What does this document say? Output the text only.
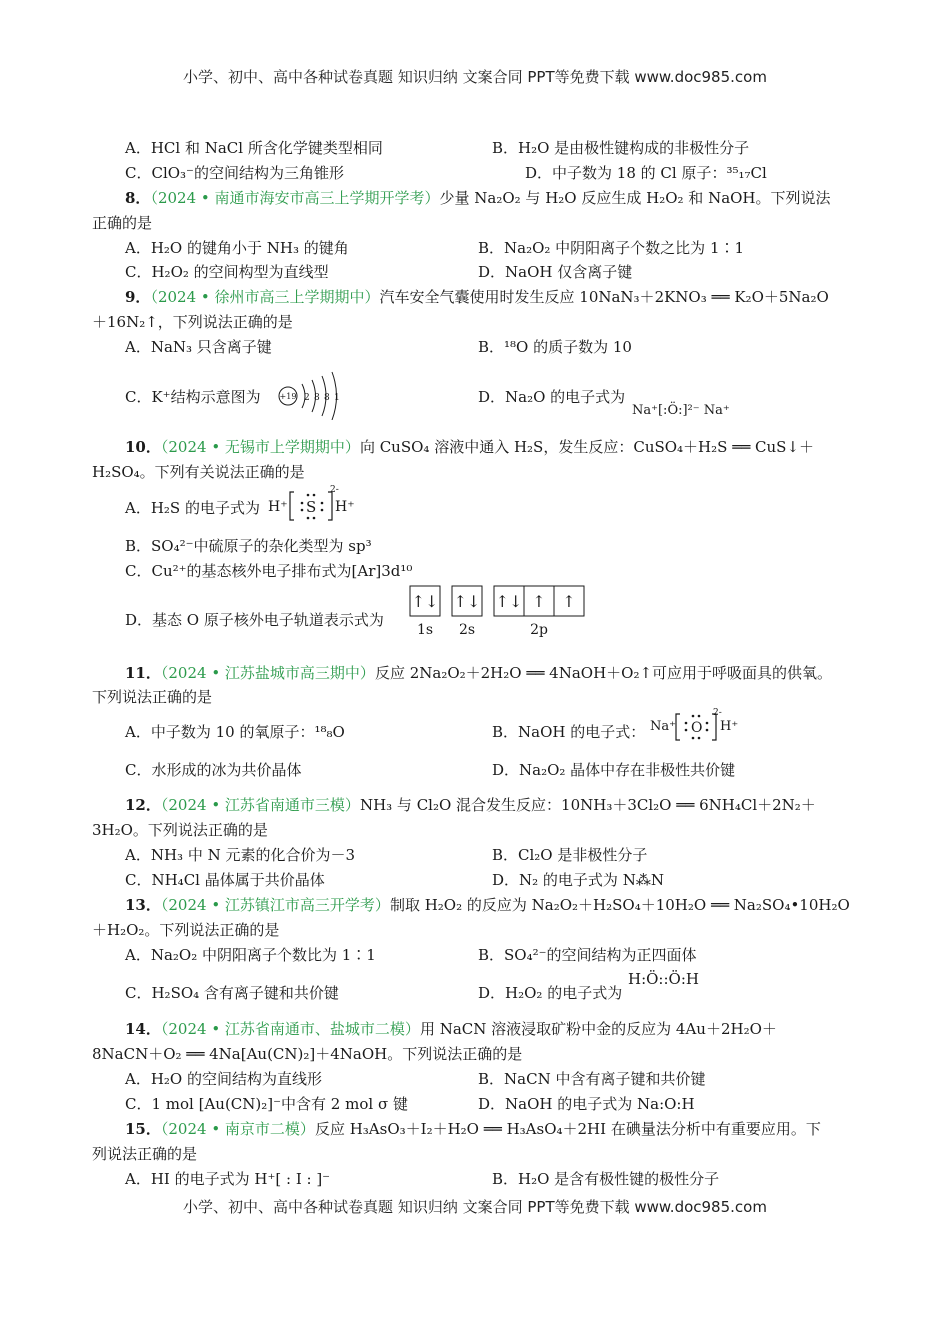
小学、初中、高中各种试卷真题 知识归纳 文案合同 PPT等免费下载 www.doc985.com
A．HCl 和 NaCl 所含化学键类型相同	B．H₂O 是由极性键构成的非极性分子
C．ClO₃⁻的空间结构为三角锥形	D．中子数为 18 的 Cl 原子：³⁵₁₇Cl
8．（2024 • 南通市海安市高三上学期开学考）少量 Na₂O₂ 与 H₂O 反应生成 H₂O₂ 和 NaOH。下列说法
正确的是
A．H₂O 的键角小于 NH₃ 的键角	B．Na₂O₂ 中阴阳离子个数之比为 1∶1
C．H₂O₂ 的空间构型为直线型	D．NaOH 仅含离子键
9．（2024 • 徐州市高三上学期期中）汽车安全气囊使用时发生反应 10NaN₃＋2KNO₃ ══ K₂O＋5Na₂O
＋16N₂↑，下列说法正确的是
A．NaN₃ 只含离子键	B．¹⁸O 的质子数为 10
C．K⁺结构示意图为 +19 2 8 8 1	D．Na₂O 的电子式为
Na⁺[:Ö:]²⁻ Na⁺
10．（2024 • 无锡市上学期期中）向 CuSO₄ 溶液中通入 H₂S，发生反应：CuSO₄＋H₂S ══ CuS↓＋
H₂SO₄。下列有关说法正确的是
A．H₂S 的电子式为 H⁺ S
2-
H⁺
B．SO₄²⁻中硫原子的杂化类型为 sp³
C．Cu²⁺的基态核外电子排布式为[Ar]3d¹⁰
D．基态 O 原子核外电子轨道表示式为
↑↓ ↑↓ ↑↓ ↑ ↑
1s 2s	2p
11．（2024 • 江苏盐城市高三期中）反应 2Na₂O₂＋2H₂O ══ 4NaOH＋O₂↑可应用于呼吸面具的供氧。
下列说法正确的是
A．中子数为 10 的氧原子：¹⁸₈O	B．NaOH 的电子式： Na⁺ O
2-
H⁺
C．水形成的冰为共价晶体	D．Na₂O₂ 晶体中存在非极性共价键
12．（2024 • 江苏省南通市三模）NH₃ 与 Cl₂O 混合发生反应：10NH₃＋3Cl₂O ══ 6NH₄Cl＋2N₂＋
3H₂O。下列说法正确的是
A．NH₃ 中 N 元素的化合价为－3	B．Cl₂O 是非极性分子
C．NH₄Cl 晶体属于共价晶体	D．N₂ 的电子式为 N⁂N
13．（2024 • 江苏镇江市高三开学考）制取 H₂O₂ 的反应为 Na₂O₂＋H₂SO₄＋10H₂O ══ Na₂SO₄•10H₂O
＋H₂O₂。下列说法正确的是
A．Na₂O₂ 中阴阳离子个数比为 1∶1	B．SO₄²⁻的空间结构为正四面体
C．H₂SO₄ 含有离子键和共价键	D．H₂O₂ 的电子式为
H:Ö::Ö:H
14．（2024 • 江苏省南通市、盐城市二模）用 NaCN 溶液浸取矿粉中金的反应为 4Au＋2H₂O＋
8NaCN＋O₂ ══ 4Na[Au(CN)₂]＋4NaOH。下列说法正确的是
A．H₂O 的空间结构为直线形	B．NaCN 中含有离子键和共价键
C．1 mol [Au(CN)₂]⁻中含有 2 mol σ 键	D．NaOH 的电子式为 Na:O:H
15．（2024 • 南京市二模）反应 H₃AsO₃＋I₂＋H₂O ══ H₃AsO₄＋2HI 在碘量法分析中有重要应用。下
列说法正确的是
A．HI 的电子式为 H⁺[ : I : ]⁻	B．H₂O 是含有极性键的极性分子
小学、初中、高中各种试卷真题 知识归纳 文案合同 PPT等免费下载 www.doc985.com
